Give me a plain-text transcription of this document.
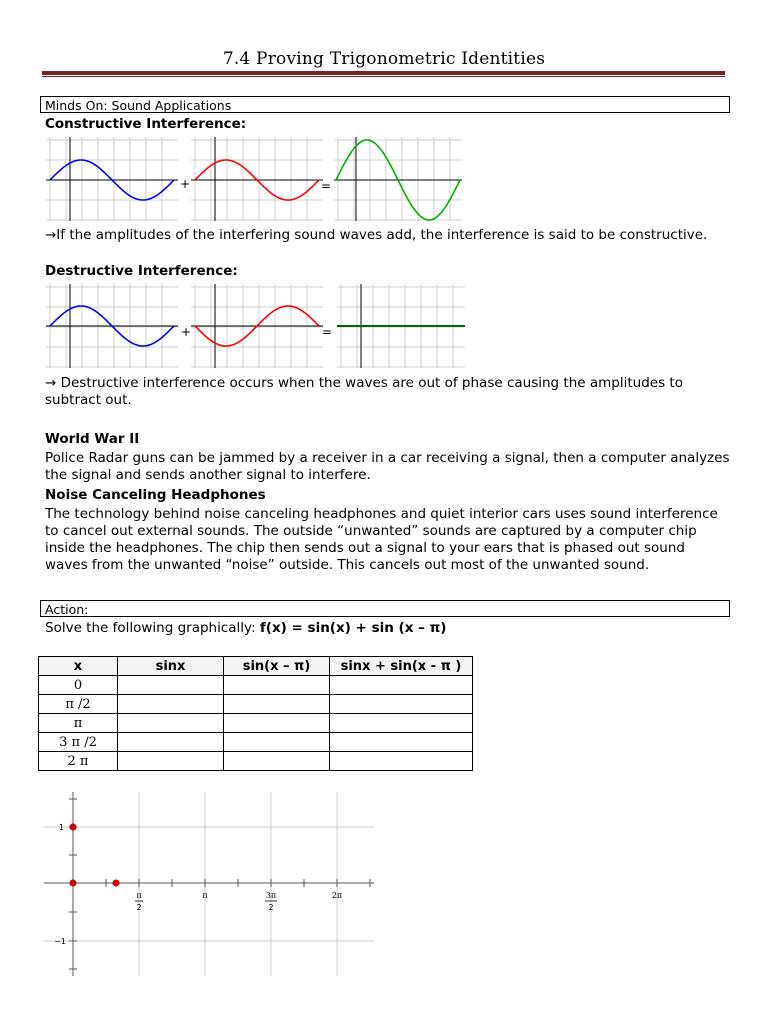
7.4 Proving Trigonometric Identities
Minds On: Sound Applications
Constructive Interference:
+	=
→If the amplitudes of the interfering sound waves add, the interference is said to be constructive.
Destructive Interference:
+	=
→ Destructive interference occurs when the waves are out of phase causing the amplitudes to subtract out.
World War II
Police Radar guns can be jammed by a receiver in a car receiving a signal, then a computer analyzes the signal and sends another signal to interfere.
Noise Canceling Headphones
The technology behind noise canceling headphones and quiet interior cars uses sound interference to cancel out external sounds. The outside “unwanted” sounds are captured by a computer chip inside the headphones. The chip then sends out a signal to your ears that is phased out sound waves from the unwanted “noise” outside. This cancels out most of the unwanted sound.
Action:
Solve the following graphically: f(x) = sin(x) + sin (x – π)
x	sinx	sin(x – π)	sinx + sin(x - π )
0			
π /2			
π			
3 π /2			
2 π			
1
−1
π
2
π	3π
2
2π
